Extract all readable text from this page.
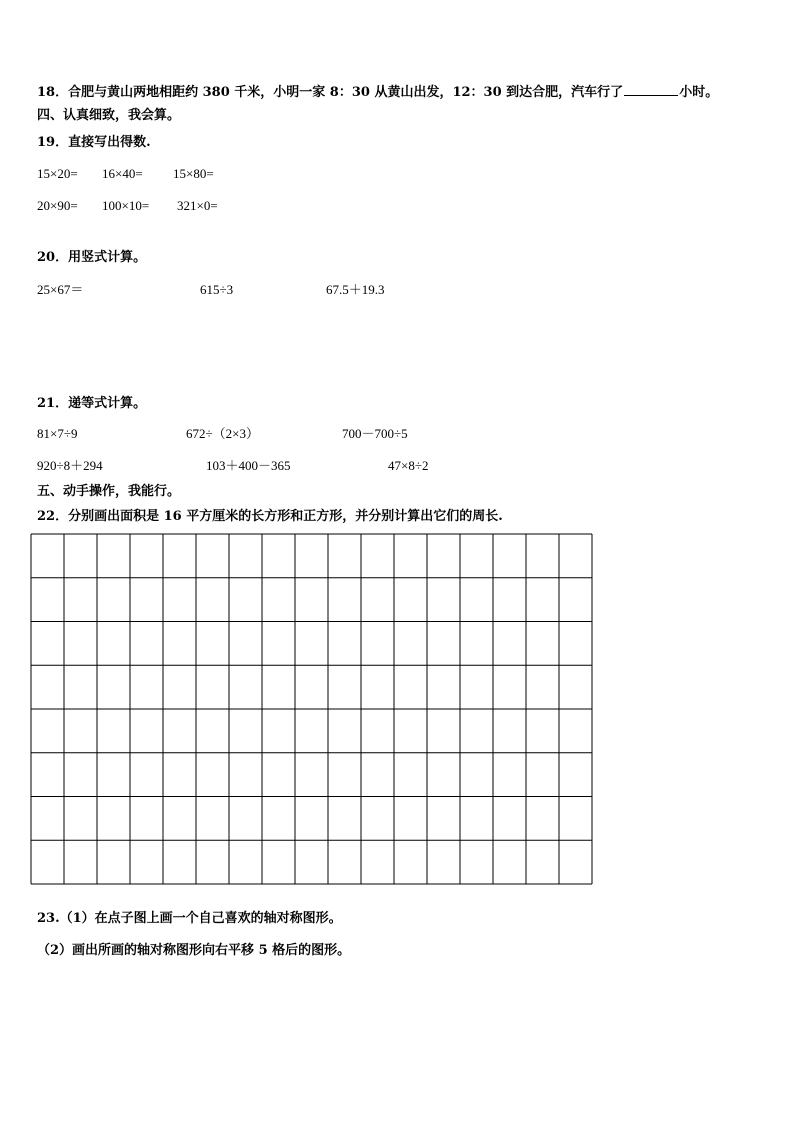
18．合肥与黄山两地相距约 380 千米，小明一家 8：30 从黄山出发，12：30 到达合肥，汽车行了	小时。
四、认真细致，我会算。
19．直接写出得数.
15×20= 16×40= 15×80=
20×90= 100×10= 321×0=
20．用竖式计算。
25×67＝	615÷3	67.5＋19.3
21．递等式计算。
81×7÷9	672÷（2×3）	700－700÷5
920÷8＋294	103＋400－365	47×8÷2
五、动手操作，我能行。
22．分别画出面积是 16 平方厘米的长方形和正方形，并分别计算出它们的周长.
23.（1）在点子图上画一个自己喜欢的轴对称图形。
（2）画出所画的轴对称图形向右平移 5 格后的图形。
